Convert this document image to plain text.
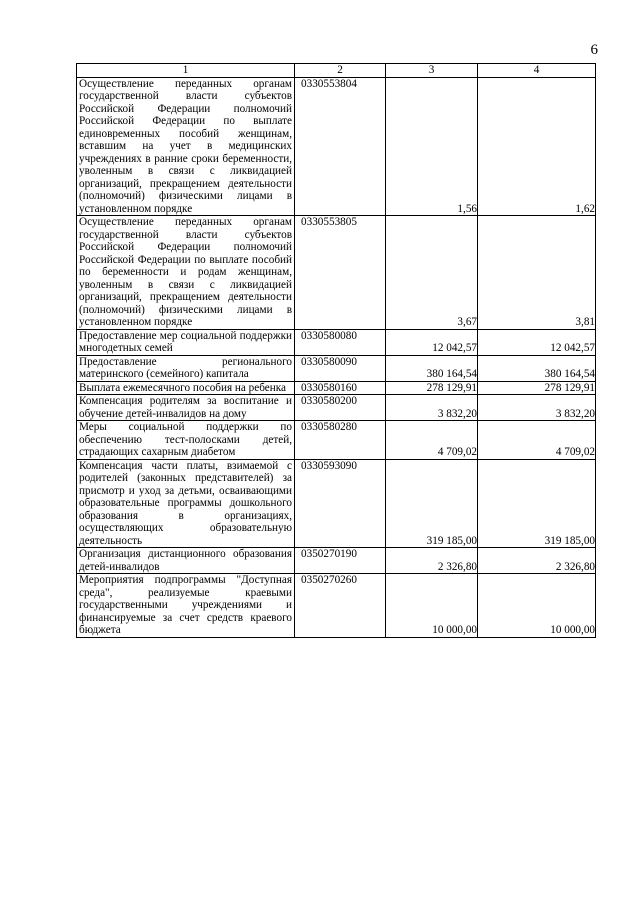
6
1	2	3	4
Осуществление переданных органам государственной власти субъектов Российской Федерации полномочий Российской Федерации по выплате единовременных пособий женщинам, вставшим на учет в медицинских учреждениях в ранние сроки беременности, уволенным в связи с ликвидацией организаций, прекращением деятельности (полномочий) физическими лицами в установленном порядке	0330553804	1,56	1,62
Осуществление переданных органам государственной власти субъектов Российской Федерации полномочий Российской Федерации по выплате пособий по беременности и родам женщинам, уволенным в связи с ликвидацией организаций, прекращением деятельности (полномочий) физическими лицами в установленном порядке	0330553805	3,67	3,81
Предоставление мер социальной поддержки многодетных семей	0330580080	12 042,57	12 042,57
Предоставление регионального материнского (семейного) капитала	0330580090	380 164,54	380 164,54
Выплата ежемесячного пособия на ребенка	0330580160	278 129,91	278 129,91
Компенсация родителям за воспитание и обучение детей-инвалидов на дому	0330580200	3 832,20	3 832,20
Меры социальной поддержки по обеспечению тест-полосками детей, страдающих сахарным диабетом	0330580280	4 709,02	4 709,02
Компенсация части платы, взимаемой с родителей (законных представителей) за присмотр и уход за детьми, осваивающими образовательные программы дошкольного образования в организациях, осуществляющих образовательную деятельность	0330593090	319 185,00	319 185,00
Организация дистанционного образования детей-инвалидов	0350270190	2 326,80	2 326,80
Мероприятия подпрограммы "Доступная среда", реализуемые краевыми государственными учреждениями и финансируемые за счет средств краевого бюджета	0350270260	10 000,00	10 000,00
